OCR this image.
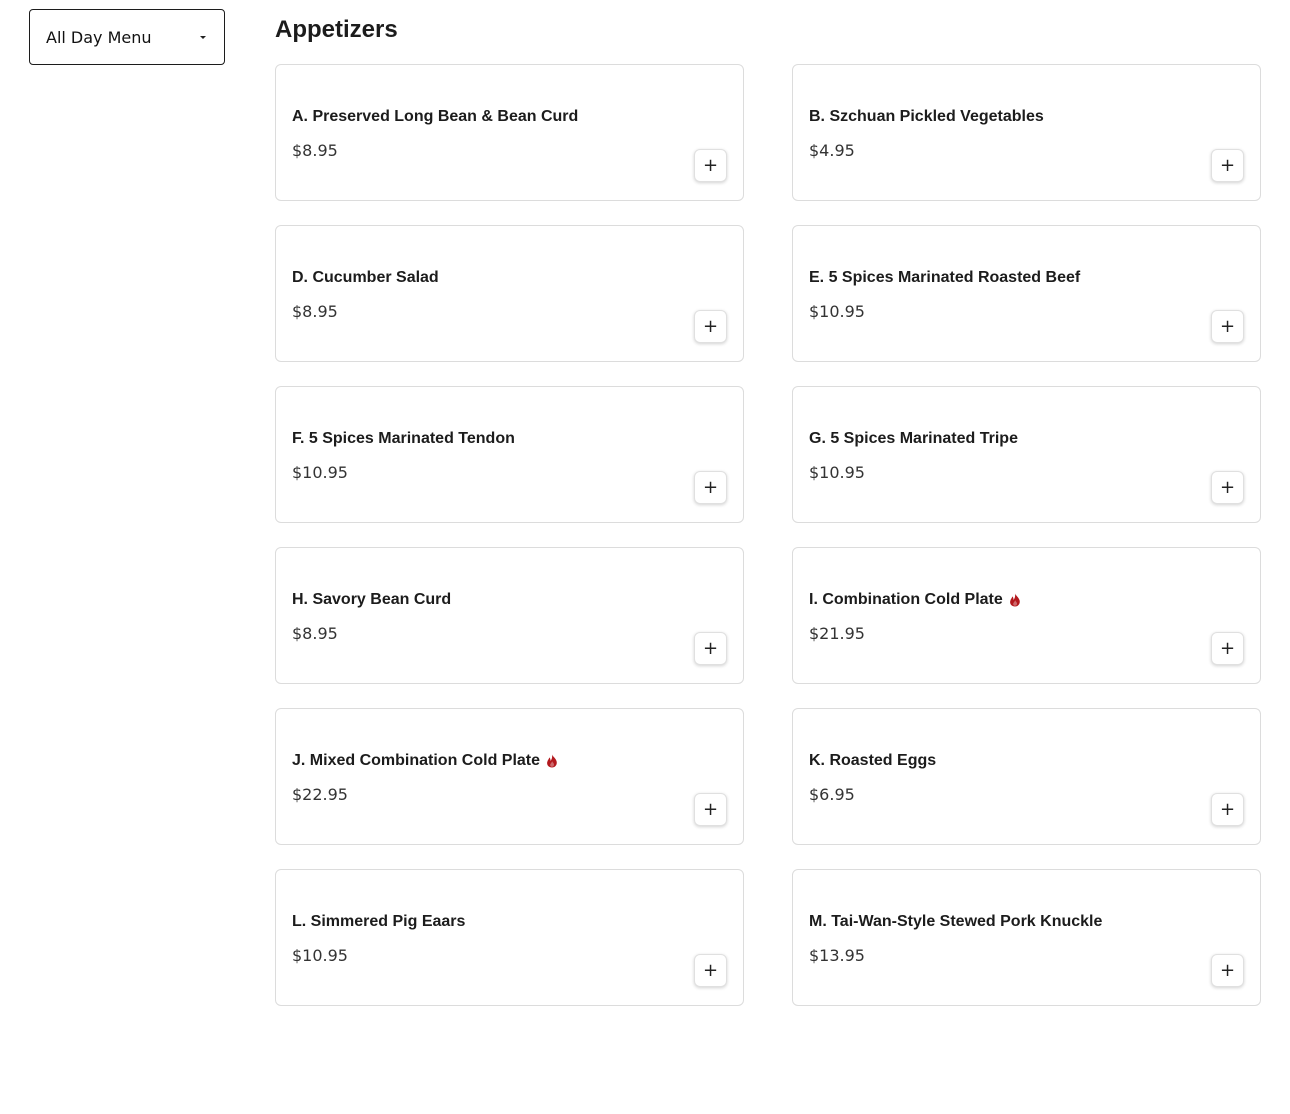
All Day Menu	Appetizers
A. Preserved Long Bean & Bean Curd
$8.95
+
B. Szchuan Pickled Vegetables
$4.95
+
D. Cucumber Salad
$8.95
+
E. 5 Spices Marinated Roasted Beef
$10.95
+
F. 5 Spices Marinated Tendon
$10.95
+
G. 5 Spices Marinated Tripe
$10.95
+
H. Savory Bean Curd
$8.95
+
I. Combination Cold Plate
$21.95
+
J. Mixed Combination Cold Plate
$22.95
+
K. Roasted Eggs
$6.95
+
L. Simmered Pig Eaars
$10.95
+
M. Tai-Wan-Style Stewed Pork Knuckle
$13.95
+
